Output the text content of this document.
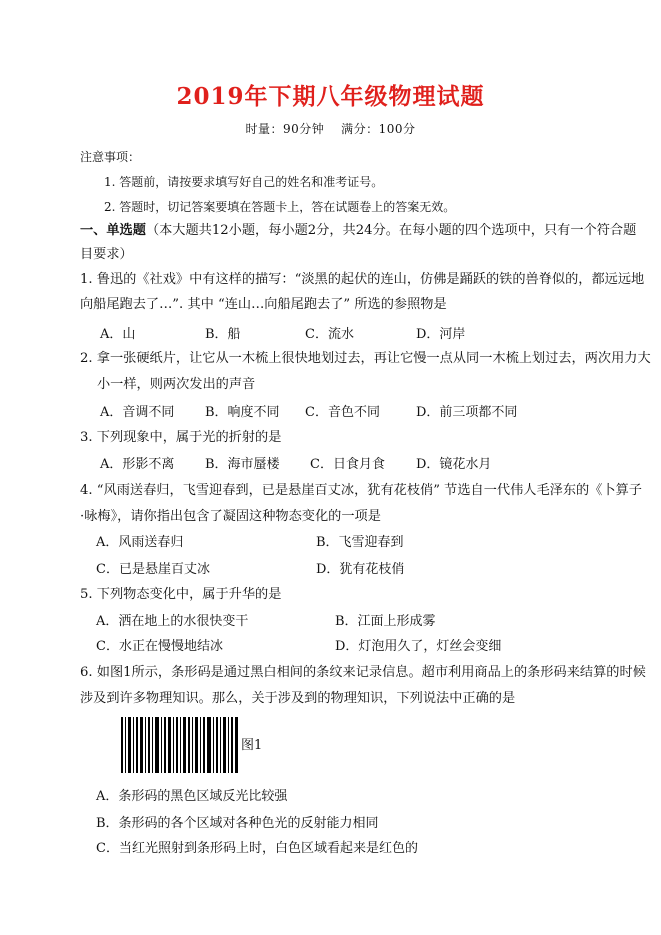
2019年下期八年级物理试题
时量：90分钟　 满分：100分
注意事项：
1. 答题前，请按要求填写好自己的姓名和准考证号。
2. 答题时，切记答案要填在答题卡上，答在试题卷上的答案无效。
一、单选题（本大题共12小题，每小题2分，共24分。在每小题的四个选项中，只有一个符合题
目要求）
1. 鲁迅的《社戏》中有这样的描写：“淡黑的起伏的连山，仿佛是踊跃的铁的兽脊似的，都远远地
向船尾跑去了…”. 其中 “连山…向船尾跑去了” 所选的参照物是
A．山	B．船	C．流水	D．河岸
2. 拿一张硬纸片，让它从一木梳上很快地划过去，再让它慢一点从同一木梳上划过去，两次用力大
小一样，则两次发出的声音
A．音调不同 B．响度不同 C．音色不同	D．前三项都不同
3. 下列现象中，属于光的折射的是
A．形影不离 B．海市蜃楼 C．日食月食 D．镜花水月
4. “风雨送春归，飞雪迎春到，已是悬崖百丈冰，犹有花枝俏” 节选自一代伟人毛泽东的《卜算子
·咏梅》，请你指出包含了凝固这种物态变化的一项是
A．风雨送春归	B．飞雪迎春到
C．已是悬崖百丈冰	D．犹有花枝俏
5. 下列物态变化中，属于升华的是
A．洒在地上的水很快变干	B．江面上形成雾
C．水正在慢慢地结冰	D．灯泡用久了，灯丝会变细
6. 如图1所示，条形码是通过黑白相间的条纹来记录信息。超市利用商品上的条形码来结算的时候
涉及到许多物理知识。那么，关于涉及到的物理知识，下列说法中正确的是
图1
A．条形码的黑色区域反光比较强
B．条形码的各个区域对各种色光的反射能力相同
C．当红光照射到条形码上时，白色区域看起来是红色的
